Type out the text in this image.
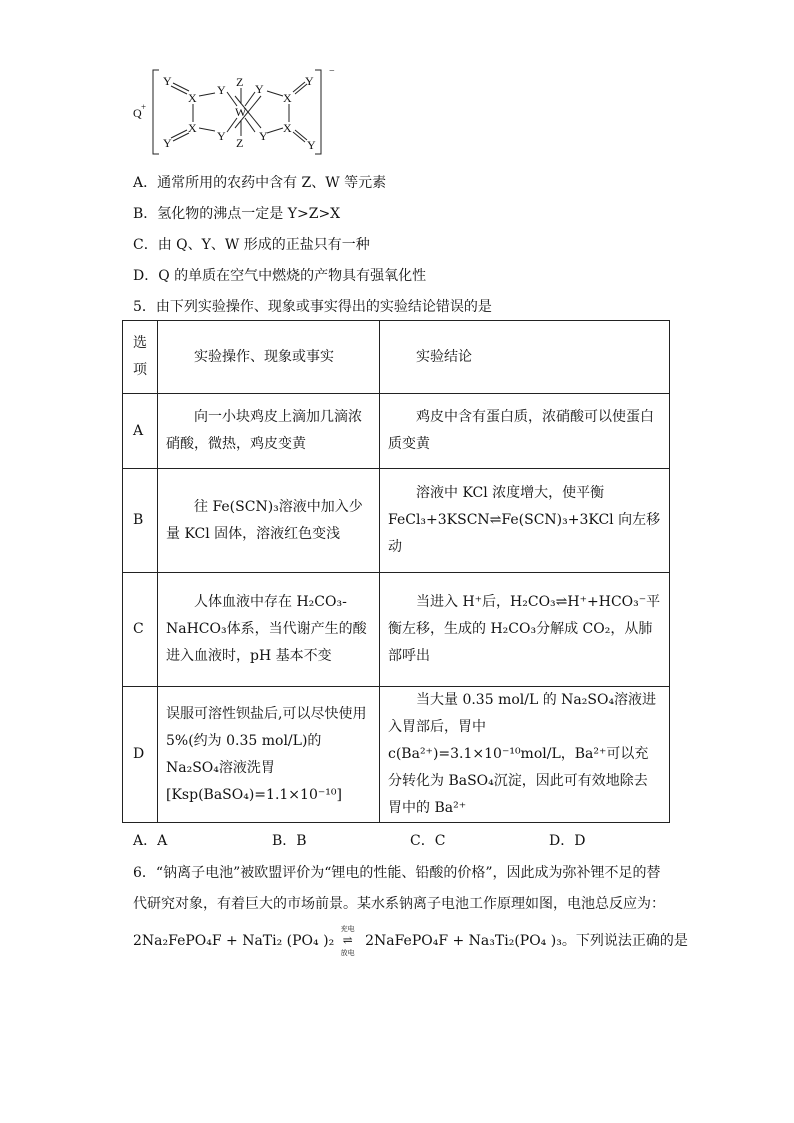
Q +
−
Y
Y
X
X
Y
Y
Z
W
Z
Y
Y
X
X
Y
Y
A．通常所用的农药中含有 Z、W 等元素
B．氢化物的沸点一定是 Y>Z>X
C．由 Q、Y、W 形成的正盐只有一种
D．Q 的单质在空气中燃烧的产物具有强氧化性
5．由下列实验操作、现象或事实得出的实验结论错误的是
选
项	实验操作、现象或事实	实验结论
A	向一小块鸡皮上滴加几滴浓硝酸，微热，鸡皮变黄	鸡皮中含有蛋白质，浓硝酸可以使蛋白质变黄
B	往 Fe(SCN)₃溶液中加入少量 KCl 固体，溶液红色变浅	溶液中 KCl 浓度增大，使平衡 FeCl₃+3KSCN⇌Fe(SCN)₃+3KCl 向左移动
C	人体血液中存在 H₂CO₃-NaHCO₃体系，当代谢产生的酸进入血液时，pH 基本不变	当进入 H⁺后，H₂CO₃⇌H⁺+HCO₃⁻平衡左移，生成的 H₂CO₃分解成 CO₂，从肺部呼出
D	误服可溶性钡盐后,可以尽快使用 5%(约为 0.35 mol/L)的 Na₂SO₄溶液洗胃[Ksp(BaSO₄)=1.1×10⁻¹⁰]	当大量 0.35 mol/L 的 Na₂SO₄溶液进入胃部后，胃中 c(Ba²⁺)=3.1×10⁻¹⁰mol/L，Ba²⁺可以充分转化为 BaSO₄沉淀，因此可有效地除去胃中的 Ba²⁺
A．A	B．B	C．C	D．D
6．“钠离子电池”被欧盟评价为“锂电的性能、铅酸的价格”，因此成为弥补锂不足的替
代研究对象，有着巨大的市场前景。某水系钠离子电池工作原理如图，电池总反应为：
2Na₂FePO₄F + NaTi₂ (PO₄ )₂
充电
⇌
放电
2NaFePO₄F + Na₃Ti₂(PO₄ )₃。下列说法正确的是
